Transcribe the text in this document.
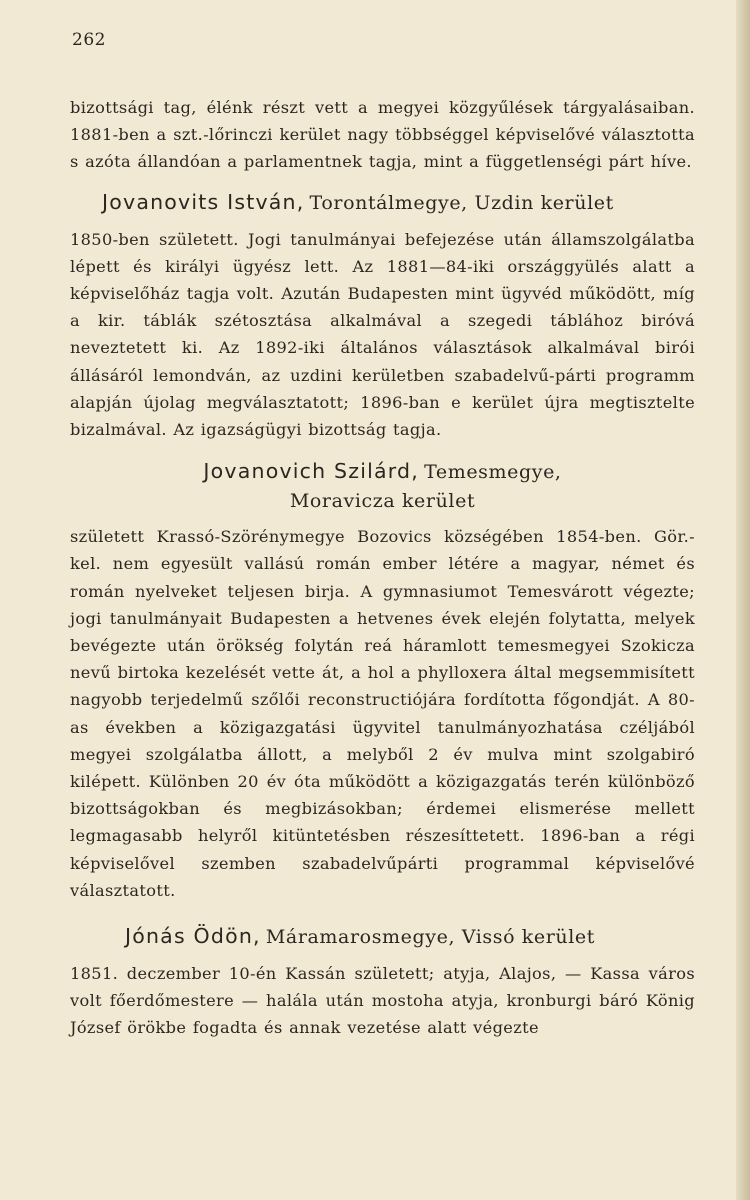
262

bizottsági tag, élénk részt vett a megyei közgyűlések tárgyalásaiban. 1881-ben a szt.-lőrinczi kerület nagy többséggel képviselővé választotta s azóta állandóan a parlamentnek tagja, mint a függetlenségi párt híve.

Jovanovits István, Torontálmegye, Uzdin kerület

1850-ben született. Jogi tanulmányai befejezése után államszolgálatba lépett és királyi ügyész lett. Az 1881—84-iki országgyülés alatt a képviselőház tagja volt. Azután Budapesten mint ügyvéd működött, míg a kir. táblák szétosztása alkalmával a szegedi táblához biróvá neveztetett ki. Az 1892-iki általános választások alkalmával birói állásáról lemondván, az uzdini kerületben szabadelvű-párti programm alapján újolag megválasztatott; 1896-ban e kerület újra megtisztelte bizalmával. Az igazságügyi bizottság tagja.

Jovanovich Szilárd, Temesmegye,
Moravicza kerület

született Krassó-Szörénymegye Bozovics községében 1854-ben. Gör.-kel. nem egyesült vallású román ember létére a magyar, német és román nyelveket teljesen birja. A gymnasiumot Temesvárott végezte; jogi tanulmányait Budapesten a hetvenes évek elején folytatta, melyek bevégezte után örökség folytán reá háramlott temesmegyei Szokicza nevű birtoka kezelését vette át, a hol a phylloxera által megsemmisített nagyobb terjedelmű szőlői reconstructiójára fordította főgondját. A 80-as években a közigazgatási ügyvitel tanulmányozhatása czéljából megyei szolgálatba állott, a melyből 2 év mulva mint szolgabiró kilépett. Különben 20 év óta működött a közigazgatás terén különböző bizottságokban és megbizásokban; érdemei elismerése mellett legmagasabb helyről kitüntetésben részesíttetett. 1896-ban a régi képviselővel szemben szabadelvűpárti programmal képviselővé választatott.

Jónás Ödön, Máramarosmegye, Vissó kerület

1851. deczember 10-én Kassán született; atyja, Alajos, — Kassa város volt főerdőmestere — halála után mostoha atyja, kronburgi báró König József örökbe fogadta és annak vezetése alatt végezte
